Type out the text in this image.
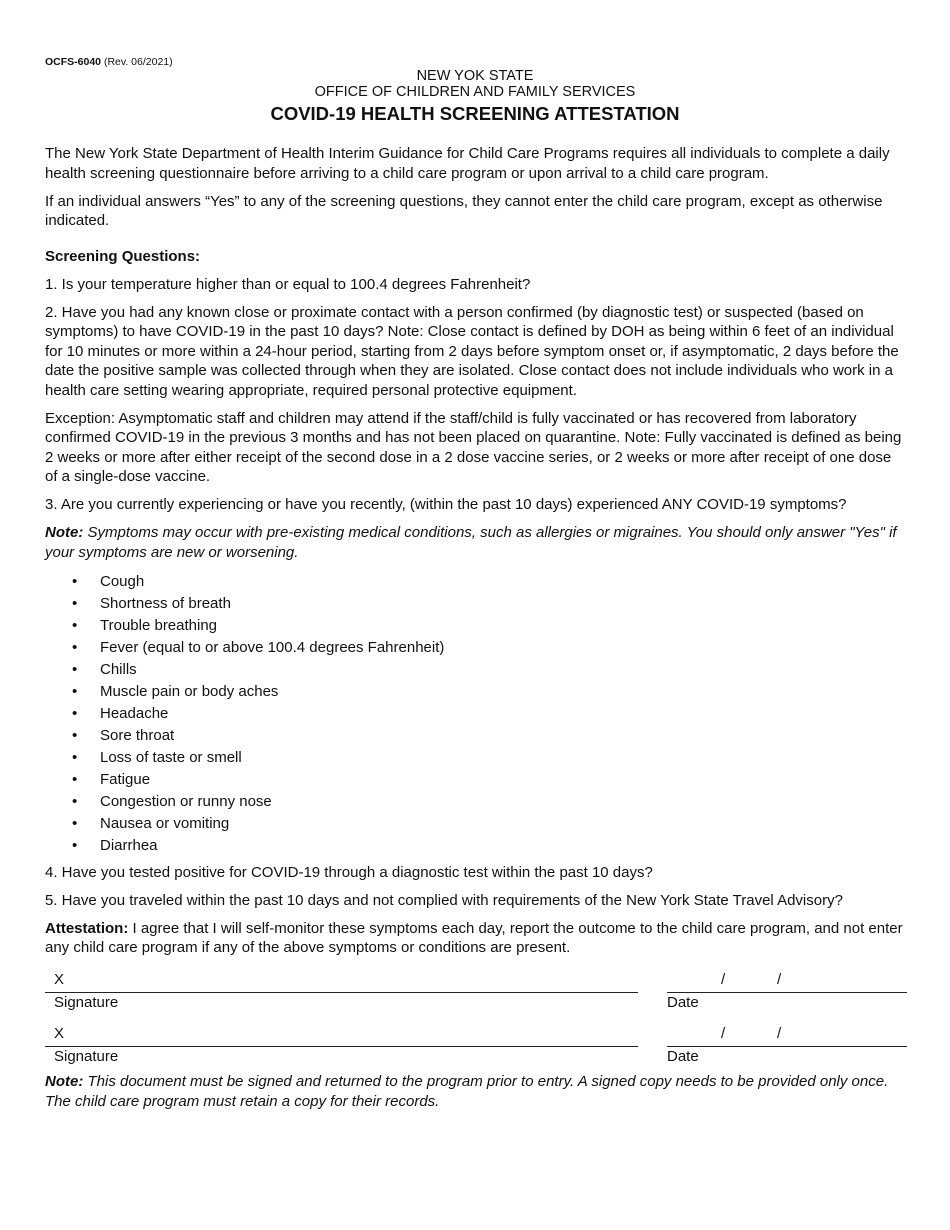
OCFS-6040 (Rev. 06/2021)
NEW YOK STATE
OFFICE OF CHILDREN AND FAMILY SERVICES
COVID-19 HEALTH SCREENING ATTESTATION

The New York State Department of Health Interim Guidance for Child Care Programs requires all individuals to complete a daily health screening questionnaire before arriving to a child care program or upon arrival to a child care program.

If an individual answers “Yes” to any of the screening questions, they cannot enter the child care program, except as otherwise indicated.

Screening Questions:

1. Is your temperature higher than or equal to 100.4 degrees Fahrenheit?

2. Have you had any known close or proximate contact with a person confirmed (by diagnostic test) or suspected (based on symptoms) to have COVID-19 in the past 10 days? Note: Close contact is defined by DOH as being within 6 feet of an individual for 10 minutes or more within a 24-hour period, starting from 2 days before symptom onset or, if asymptomatic, 2 days before the date the positive sample was collected through when they are isolated. Close contact does not include individuals who work in a health care setting wearing appropriate, required personal protective equipment.

Exception: Asymptomatic staff and children may attend if the staff/child is fully vaccinated or has recovered from laboratory confirmed COVID-19 in the previous 3 months and has not been placed on quarantine. Note: Fully vaccinated is defined as being 2 weeks or more after either receipt of the second dose in a 2 dose vaccine series, or 2 weeks or more after receipt of one dose of a single-dose vaccine.

3. Are you currently experiencing or have you recently, (within the past 10 days) experienced ANY COVID-19 symptoms?

Note: Symptoms may occur with pre-existing medical conditions, such as allergies or migraines. You should only answer "Yes" if your symptoms are new or worsening.

• Cough
• Shortness of breath
• Trouble breathing
• Fever (equal to or above 100.4 degrees Fahrenheit)
• Chills
• Muscle pain or body aches
• Headache
• Sore throat
• Loss of taste or smell
• Fatigue
• Congestion or runny nose
• Nausea or vomiting
• Diarrhea

4. Have you tested positive for COVID-19 through a diagnostic test within the past 10 days?

5. Have you traveled within the past 10 days and not complied with requirements of the New York State Travel Advisory?

Attestation: I agree that I will self-monitor these symptoms each day, report the outcome to the child care program, and not enter any child care program if any of the above symptoms or conditions are present.

X
Signature
/	/
Date
X
Signature
/	/
Date
Note: This document must be signed and returned to the program prior to entry. A signed copy needs to be provided only once. The child care program must retain a copy for their records.
